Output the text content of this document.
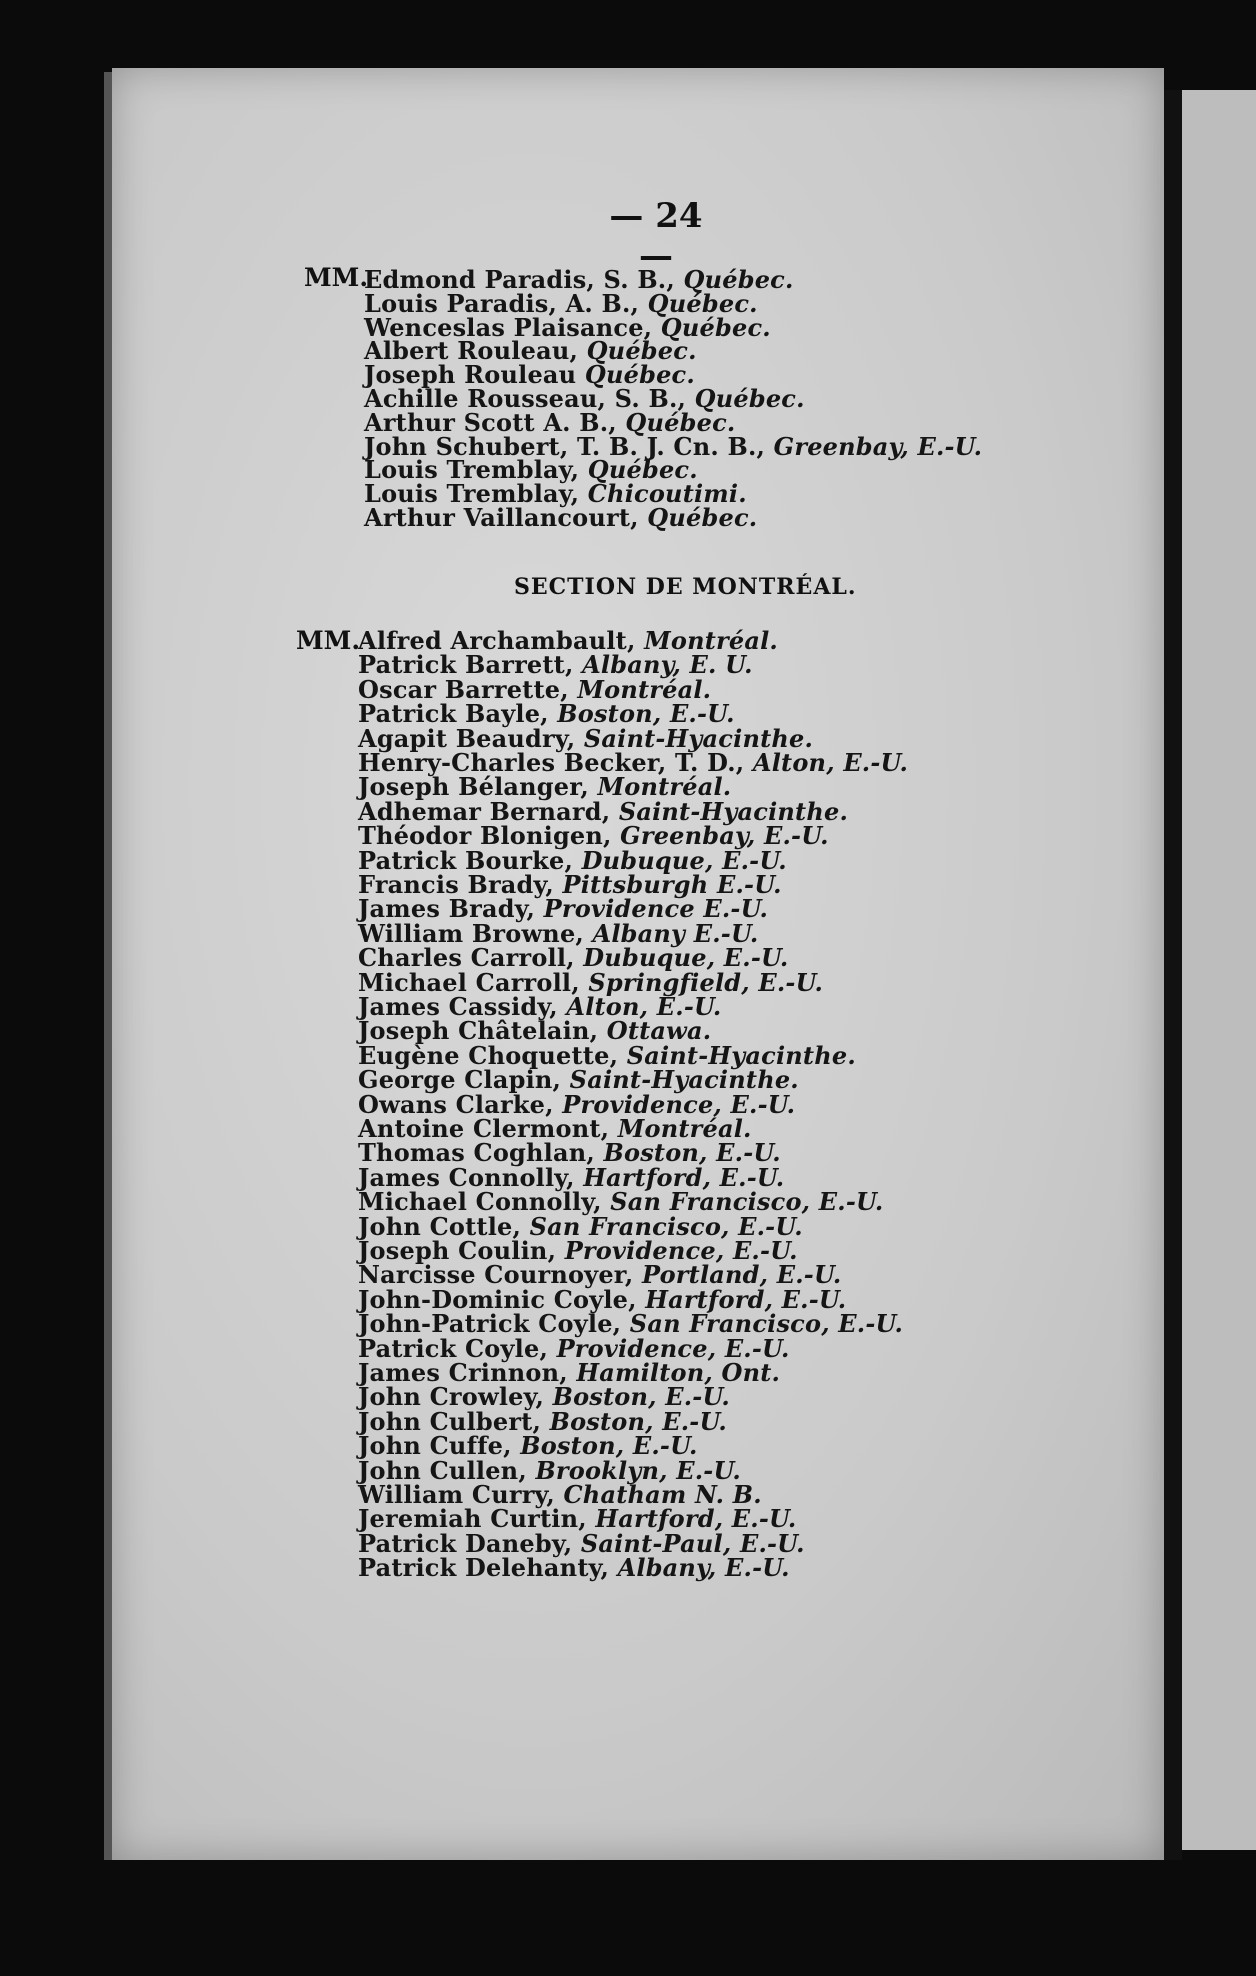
— 24 —
MM.
Edmond Paradis, S. B., Québec.
Louis Paradis, A. B., Québec.
Wenceslas Plaisance, Québec.
Albert Rouleau, Québec.
Joseph Rouleau Québec.
Achille Rousseau, S. B., Québec.
Arthur Scott A. B., Québec.
John Schubert, T. B. J. Cn. B., Greenbay, E.-U.
Louis Tremblay, Québec.
Louis Tremblay, Chicoutimi.
Arthur Vaillancourt, Québec.
SECTION DE MONTRÉAL.
MM.
Alfred Archambault, Montréal.
Patrick Barrett, Albany, E. U.
Oscar Barrette, Montréal.
Patrick Bayle, Boston, E.-U.
Agapit Beaudry, Saint-Hyacinthe.
Henry-Charles Becker, T. D., Alton, E.-U.
Joseph Bélanger, Montréal.
Adhemar Bernard, Saint-Hyacinthe.
Théodor Blonigen, Greenbay, E.-U.
Patrick Bourke, Dubuque, E.-U.
Francis Brady, Pittsburgh E.-U.
James Brady, Providence E.-U.
William Browne, Albany E.-U.
Charles Carroll, Dubuque, E.-U.
Michael Carroll, Springfield, E.-U.
James Cassidy, Alton, E.-U.
Joseph Châtelain, Ottawa.
Eugène Choquette, Saint-Hyacinthe.
George Clapin, Saint-Hyacinthe.
Owans Clarke, Providence, E.-U.
Antoine Clermont, Montréal.
Thomas Coghlan, Boston, E.-U.
James Connolly, Hartford, E.-U.
Michael Connolly, San Francisco, E.-U.
John Cottle, San Francisco, E.-U.
Joseph Coulin, Providence, E.-U.
Narcisse Cournoyer, Portland, E.-U.
John-Dominic Coyle, Hartford, E.-U.
John-Patrick Coyle, San Francisco, E.-U.
Patrick Coyle, Providence, E.-U.
James Crinnon, Hamilton, Ont.
John Crowley, Boston, E.-U.
John Culbert, Boston, E.-U.
John Cuffe, Boston, E.-U.
John Cullen, Brooklyn, E.-U.
William Curry, Chatham N. B.
Jeremiah Curtin, Hartford, E.-U.
Patrick Daneby, Saint-Paul, E.-U.
Patrick Delehanty, Albany, E.-U.
